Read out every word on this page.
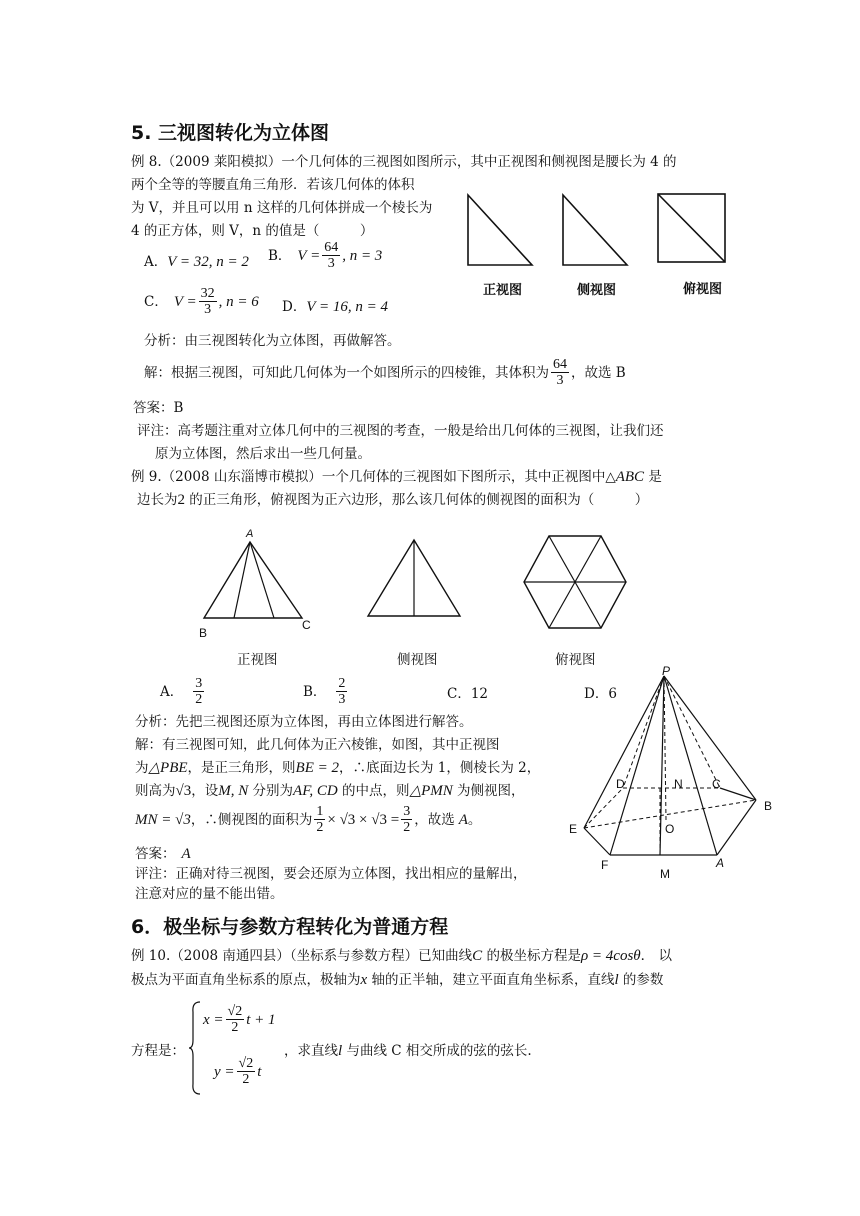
5. 三视图转化为立体图
例 8.（2009 莱阳模拟）一个几何体的三视图如图所示，其中正视图和侧视图是腰长为 4 的
两个全等的等腰直角三角形．若该几何体的体积
为 V，并且可以用 n 这样的几何体拼成一个棱长为
4 的正方体，则 V，n 的值是（　　　）
正视图	侧视图	俯视图
A．V = 32, n = 2 B． $V = \frac{64}{3}$ , n = 3
C． $V = \frac{32}{3}$ , n = 6 D．V = 16, n = 4
分析：由三视图转化为立体图，再做解答。
解：根据三视图，可知此几何体为一个如图所示的四棱锥，其体积为 $\frac{64}{3}$ ，故选 B
答案：B
评注：高考题注重对立体几何中的三视图的考查，一般是给出几何体的三视图，让我们还
原为立体图，然后求出一些几何量。
例 9.（2008 山东淄博市模拟）一个几何体的三视图如下图所示，其中正视图中△ABC 是
边长为2 的正三角形，俯视图为正六边形，那么该几何体的侧视图的面积为（　　　）
A
B
C
正视图	侧视图	俯视图
A． $\frac{3}{2}$	B． $\frac{2}{3}$	C．12	D．6
P
D	N C
B
E	O
F	A
M
分析：先把三视图还原为立体图，再由立体图进行解答。
解：有三视图可知，此几何体为正六棱锥，如图，其中正视图
为△PBE，是正三角形，则BE = 2，∴底面边长为 1，侧棱长为 2，
则高为√3，设M, N 分别为AF, CD 的中点，则△PMN 为侧视图，
MN = √3 ，∴侧视图的面积为 $\frac{1}{2} \times √3 \times √3 = \frac{3}{2}$ ，故选 A 。
答案： A
评注：正确对待三视图，要会还原为立体图，找出相应的量解出，
注意对应的量不能出错。
6．极坐标与参数方程转化为普通方程
例 10.（2008 南通四县）（坐标系与参数方程）已知曲线C 的极坐标方程是ρ = 4cosθ． 以
极点为平面直角坐标系的原点，极轴为x 轴的正半轴，建立平面直角坐标系，直线l 的参数
方程是：
$x = \frac{√2}{2}$ t + 1
$y = \frac{√2}{2}$ t
，求直线l 与曲线 C 相交所成的弦的弦长.
